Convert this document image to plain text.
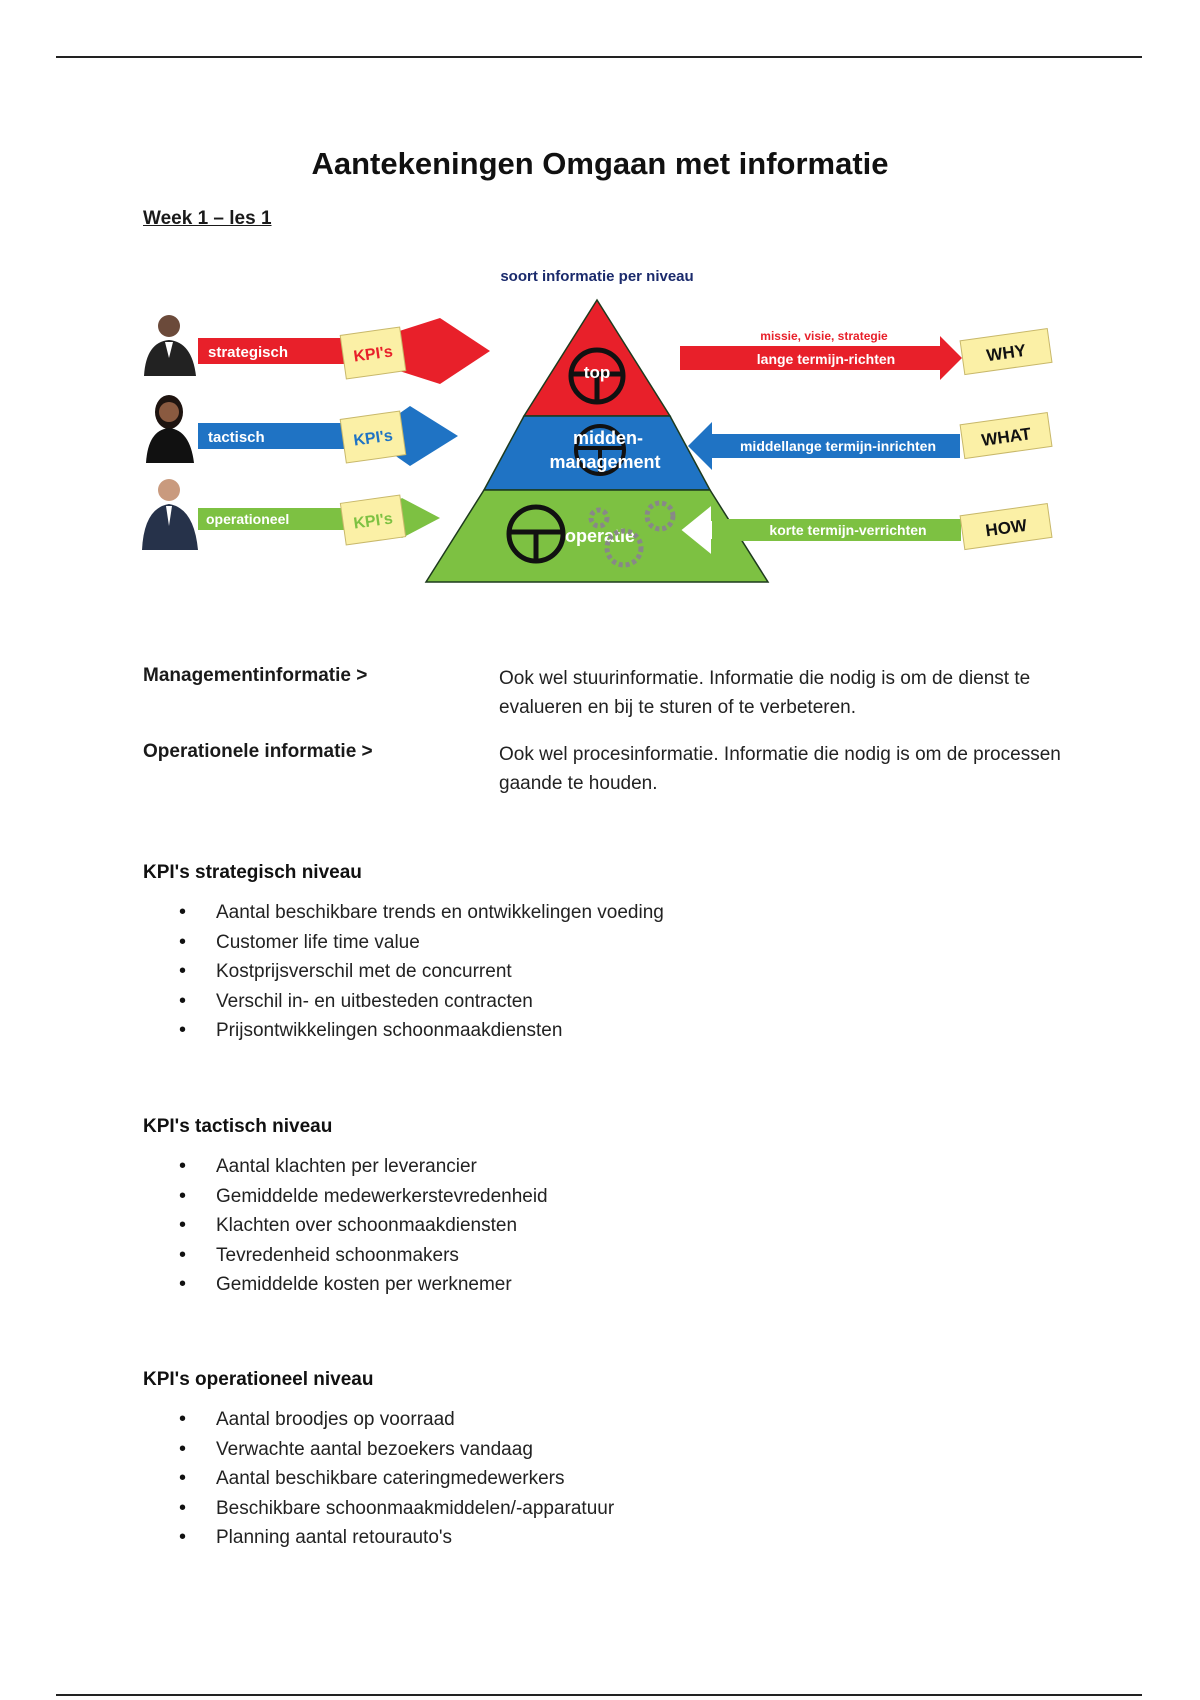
Aantekeningen Omgaan met informatie
Week 1 – les 1
soort informatie per niveau
strategisch	KPI's
tactisch	KPI's
operationeel	KPI's
top
midden-
management
operatie
missie, visie, strategie
lange termijn-richten	WHY
middellange termijn-inrichten	WHAT
korte termijn-verrichten	HOW
Managementinformatie >	Ook wel stuurinformatie. Informatie die nodig is om de dienst te evalueren en bij te sturen of te verbeteren.
Operationele informatie >	Ook wel procesinformatie. Informatie die nodig is om de processen gaande te houden.
KPI's strategisch niveau
• Aantal beschikbare trends en ontwikkelingen voeding
• Customer life time value
• Kostprijsverschil met de concurrent
• Verschil in- en uitbesteden contracten
• Prijsontwikkelingen schoonmaakdiensten
KPI's tactisch niveau
• Aantal klachten per leverancier
• Gemiddelde medewerkerstevredenheid
• Klachten over schoonmaakdiensten
• Tevredenheid schoonmakers
• Gemiddelde kosten per werknemer
KPI's operationeel niveau
• Aantal broodjes op voorraad
• Verwachte aantal bezoekers vandaag
• Aantal beschikbare cateringmedewerkers
• Beschikbare schoonmaakmiddelen/-apparatuur
• Planning aantal retourauto's
